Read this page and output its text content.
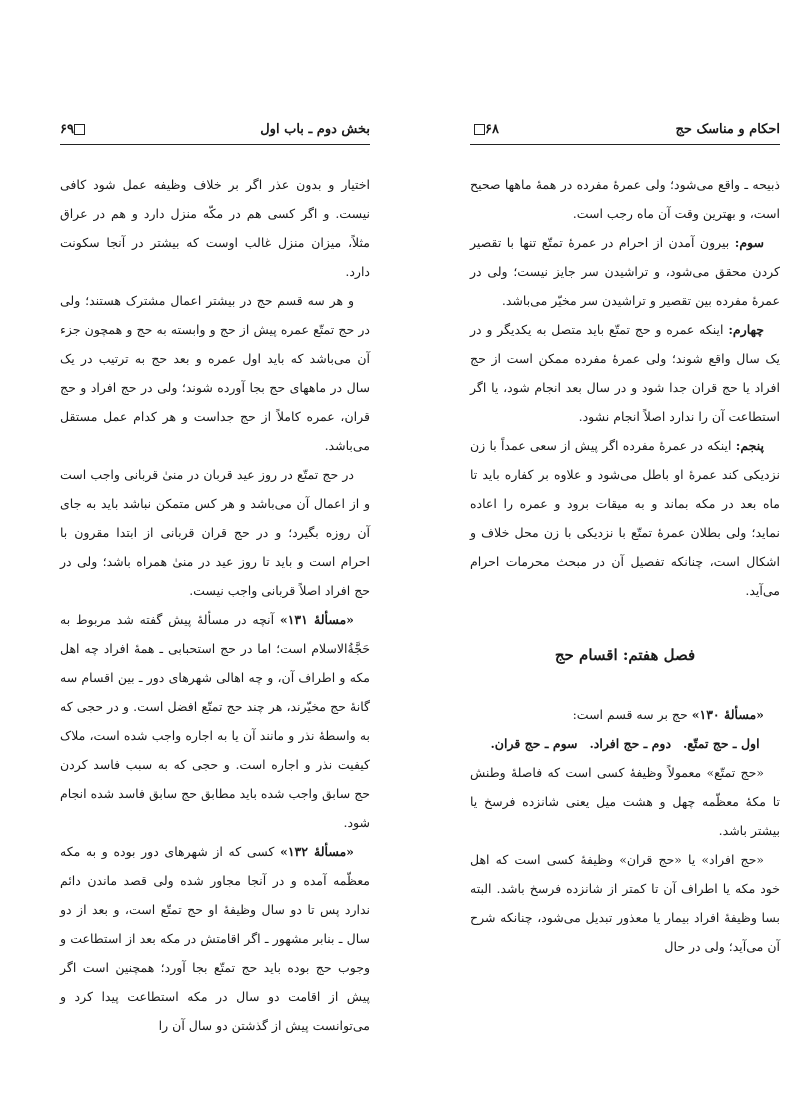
احکام و مناسک حج
۶۸

ذبیحه ـ واقع می‌شود؛ ولی عمرهٔ مفرده در همهٔ ماهها صحیح است، و بهترین وقت آن ماه رجب است.

سوم: بیرون آمدن از احرام در عمرهٔ تمتّع تنها با تقصیر کردن محقق می‌شود، و تراشیدن سر جایز نیست؛ ولی در عمرهٔ مفرده بین تقصیر و تراشیدن سر مخیّر می‌باشد.

چهارم: اینکه عمره و حج تمتّع باید متصل به یکدیگر و در یک سال واقع شوند؛ ولی عمرهٔ مفرده ممکن است از حج افراد یا حج قران جدا شود و در سال بعد انجام شود، یا اگر استطاعت آن را ندارد اصلاً انجام نشود.

پنجم: اینکه در عمرهٔ مفرده اگر پیش از سعی عمداً با زن نزدیکی کند عمرهٔ او باطل می‌شود و علاوه بر کفاره باید تا ماه بعد در مکه بماند و به میقات برود و عمره را اعاده نماید؛ ولی بطلان عمرهٔ تمتّع با نزدیکی با زن محل خلاف و اشکال است، چنانکه تفصیل آن در مبحث محرمات احرام می‌آید.

فصل هفتم: اقسام حج

«مسألهٔ ۱۳۰» حج بر سه قسم است:

اول ـ حج تمتّع.   دوم ـ حج افراد.   سوم ـ حج قران.

«حج تمتّع» معمولاً وظیفهٔ کسی است که فاصلهٔ وطنش تا مکهٔ معظّمه چهل و هشت میل یعنی شانزده فرسخ یا بیشتر باشد.

«حج افراد» یا «حج قران» وظیفهٔ کسی است که اهل خود مکه یا اطراف آن تا کمتر از شانزده فرسخ باشد. البته بسا وظیفهٔ افراد بیمار یا معذور تبدیل می‌شود، چنانکه شرح آن می‌آید؛ ولی در حال

بخش دوم ـ باب اول
۶۹

اختیار و بدون عذر اگر بر خلاف وظیفه عمل شود کافی نیست. و اگر کسی هم در مکّه منزل دارد و هم در عراق مثلاً، میزان منزل غالب اوست که بیشتر در آنجا سکونت دارد.

و هر سه قسم حج در بیشتر اعمال مشترک هستند؛ ولی در حج تمتّع عمره پیش از حج و وابسته به حج و همچون جزء آن می‌باشد که باید اول عمره و بعد حج به ترتیب در یک سال در ماههای حج بجا آورده شوند؛ ولی در حج افراد و حج قران، عمره کاملاً از حج جداست و هر کدام عمل مستقل می‌باشد.

در حج تمتّع در روز عید قربان در منیٰ قربانی واجب است و از اعمال آن می‌باشد و هر کس متمکن نباشد باید به جای آن روزه بگیرد؛ و در حج قران قربانی از ابتدا مقرون با احرام است و باید تا روز عید در منیٰ همراه باشد؛ ولی در حج افراد اصلاً قربانی واجب نیست.

«مسألهٔ ۱۳۱» آنچه در مسألهٔ پیش گفته شد مربوط به حَجَّةُالاسلام است؛ اما در حج استحبابی ـ همهٔ افراد چه اهل مکه و اطراف آن، و چه اهالی شهرهای دور ـ بین اقسام سه گانهٔ حج مخیّرند، هر چند حج تمتّع افضل است. و در حجی که به واسطهٔ نذر و مانند آن یا به اجاره واجب شده است، ملاک کیفیت نذر و اجاره است. و حجی که به سبب فاسد کردن حج سابق واجب شده باید مطابق حج سابق فاسد شده انجام شود.

«مسألهٔ ۱۳۲» کسی که از شهرهای دور بوده و به مکه معظّمه آمده و در آنجا مجاور شده ولی قصد ماندن دائم ندارد پس تا دو سال وظیفهٔ او حج تمتّع است، و بعد از دو سال ـ بنابر مشهور ـ اگر اقامتش در مکه بعد از استطاعت و وجوب حج بوده باید حج تمتّع بجا آورد؛ همچنین است اگر پیش از اقامت دو سال در مکه استطاعت پیدا کرد و می‌توانست پیش از گذشتن دو سال آن را
